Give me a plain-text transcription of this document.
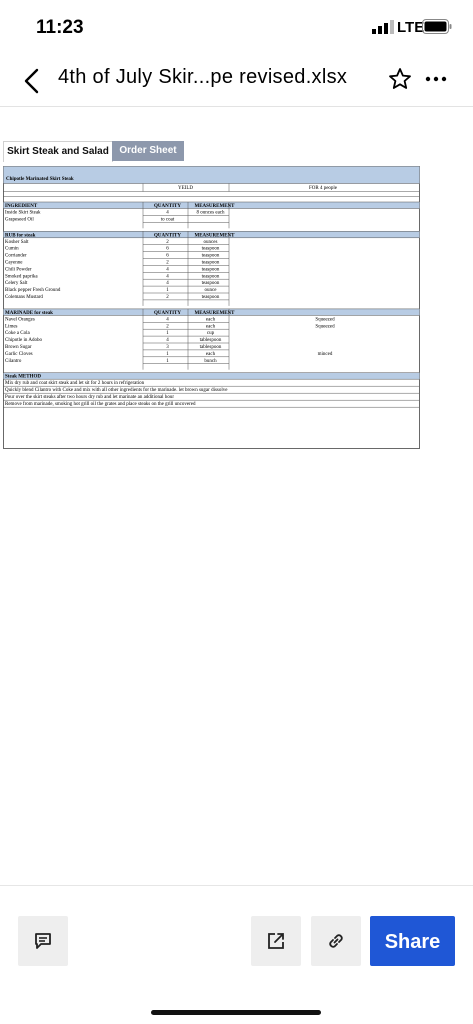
11:23	LTE
4th of July Skir...pe revised.xlsx
Skirt Steak and Salad	Order Sheet
Chipotle Marinated Skirt Steak
YEILD	FOR 4 people
INGREDIENT	QUANTITY	MEASUREMENT
Inside Skirt Steak	4	8 ounces each
Grapeseed Oil	to coat
RUB for steak	QUANTITY	MEASUREMENT
Kosher Salt	2	ounces
Cumin	6	teaspoon
Corriander	6	teaspoon
Cayenne	2	teaspoon
Chili Powder	4	teaspoon
Smoked paprika	4	teaspoon
Celery Salt	4	teaspoon
Black pepper Fresh Ground	1	ounce
Colemans Mustard	2	teaspoon
MARINADE for steak	QUANTITY	MEASUREMENT
Navel Oranges	4	each	Squeezed
Limes	2	each	Squeezed
Coke a Cola	1	cup
Chipotle in Adobo	4	tablespoon
Brown Sugar	3	tablespoon
Garlic Cloves	1	each	minced
Cilantro	1	bunch
Steak METHOD
Mix dry rub and coat skirt steak and let sit for 2 hours in refrigeration
Quickly blend Cilantro with Coke and mix with all other ingredients for the marinade. let brown sugar dissolve
Pour over the skirt steaks after two hours dry rub and let marinate an additional hour
Remove from marinade, smoking hot grill oil the grates and place steaks on the grill uncovered
Share
